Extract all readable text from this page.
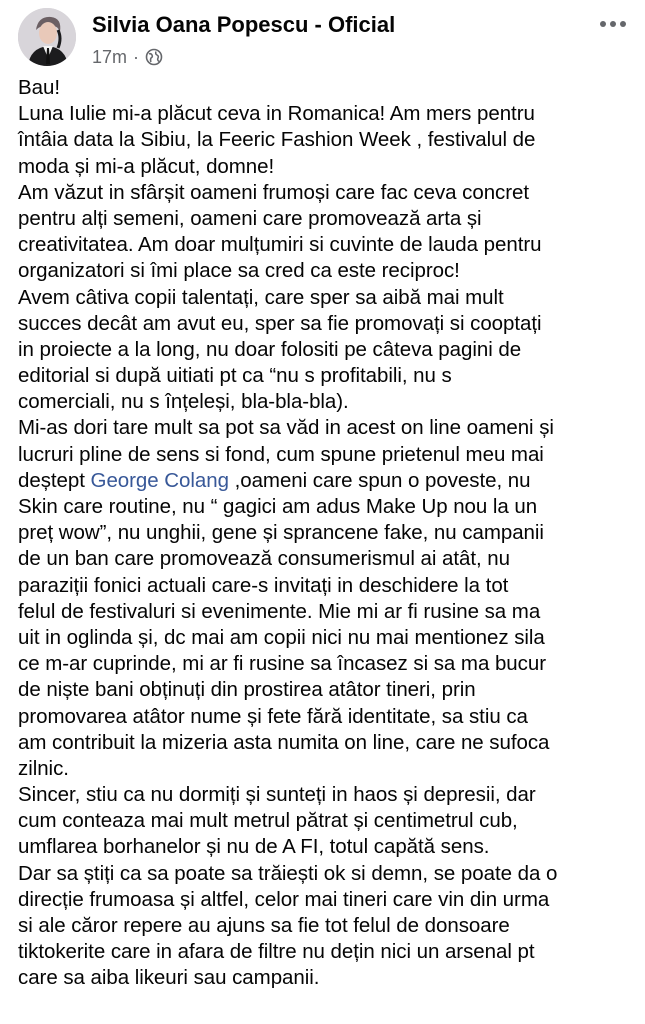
Silvia Oana Popescu - Oficial
17m ·
Bau!
Luna Iulie mi-a plăcut ceva in Romanica! Am mers pentru
întâia data la Sibiu, la Feeric Fashion Week , festivalul de
moda și mi-a plăcut, domne!
Am văzut in sfârșit oameni frumoși care fac ceva concret
pentru alți semeni, oameni care promovează arta și
creativitatea. Am doar mulțumiri si cuvinte de lauda pentru
organizatori si îmi place sa cred ca este reciproc!
Avem câtiva copii talentați, care sper sa aibă mai mult
succes decât am avut eu, sper sa fie promovați si cooptați
in proiecte a la long, nu doar folositi pe câteva pagini de
editorial si după uitiati pt ca “nu s profitabili, nu s
comerciali, nu s înțeleși, bla-bla-bla).
Mi-as dori tare mult sa pot sa văd in acest on line oameni și
lucruri pline de sens si fond, cum spune prietenul meu mai
deștept George Colang ,oameni care spun o poveste, nu
Skin care routine, nu “ gagici am adus Make Up nou la un
preț wow”, nu unghii, gene și sprancene fake, nu campanii
de un ban care promovează consumerismul ai atât, nu
paraziții fonici actuali care-s invitați in deschidere la tot
felul de festivaluri si evenimente. Mie mi ar fi rusine sa ma
uit in oglinda și, dc mai am copii nici nu mai mentionez sila
ce m-ar cuprinde, mi ar fi rusine sa încasez si sa ma bucur
de niște bani obținuți din prostirea atâtor tineri, prin
promovarea atâtor nume și fete fără identitate, sa stiu ca
am contribuit la mizeria asta numita on line, care ne sufoca
zilnic.
Sincer, stiu ca nu dormiți și sunteți in haos și depresii, dar
cum conteaza mai mult metrul pătrat și centimetrul cub,
umflarea borhanelor și nu de A FI, totul capătă sens.
Dar sa știți ca sa poate sa trăiești ok si demn, se poate da o
direcție frumoasa și altfel, celor mai tineri care vin din urma
si ale căror repere au ajuns sa fie tot felul de donsoare
tiktokerite care in afara de filtre nu dețin nici un arsenal pt
care sa aiba likeuri sau campanii.
